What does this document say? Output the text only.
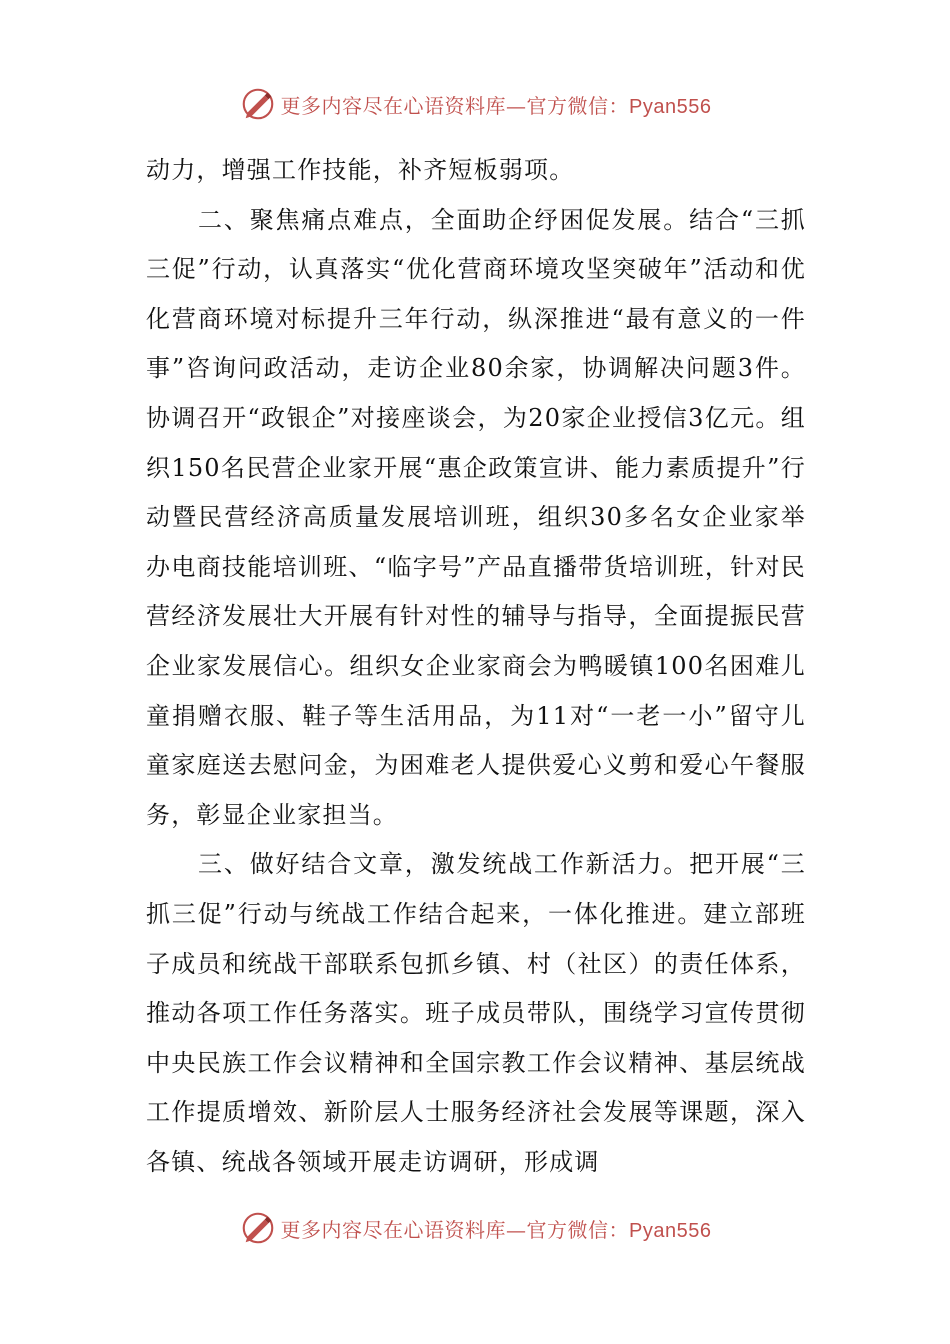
更多内容尽在心语资料库—官方微信：Pyan556

动力，增强工作技能，补齐短板弱项。

二、聚焦痛点难点，全面助企纾困促发展。结合“三抓三促”行动，认真落实“优化营商环境攻坚突破年”活动和优化营商环境对标提升三年行动，纵深推进“最有意义的一件事”咨询问政活动，走访企业80余家，协调解决问题3件。协调召开“政银企”对接座谈会，为20家企业授信3亿元。组织150名民营企业家开展“惠企政策宣讲、能力素质提升”行动暨民营经济高质量发展培训班，组织30多名女企业家举办电商技能培训班、“临字号”产品直播带货培训班，针对民营经济发展壮大开展有针对性的辅导与指导，全面提振民营企业家发展信心。组织女企业家商会为鸭暖镇100名困难儿童捐赠衣服、鞋子等生活用品，为11对“一老一小”留守儿童家庭送去慰问金，为困难老人提供爱心义剪和爱心午餐服务，彰显企业家担当。

三、做好结合文章，激发统战工作新活力。把开展“三抓三促”行动与统战工作结合起来，一体化推进。建立部班子成员和统战干部联系包抓乡镇、村（社区）的责任体系，推动各项工作任务落实。班子成员带队，围绕学习宣传贯彻中央民族工作会议精神和全国宗教工作会议精神、基层统战工作提质增效、新阶层人士服务经济社会发展等课题，深入各镇、统战各领域开展走访调研，形成调

更多内容尽在心语资料库—官方微信：Pyan556
